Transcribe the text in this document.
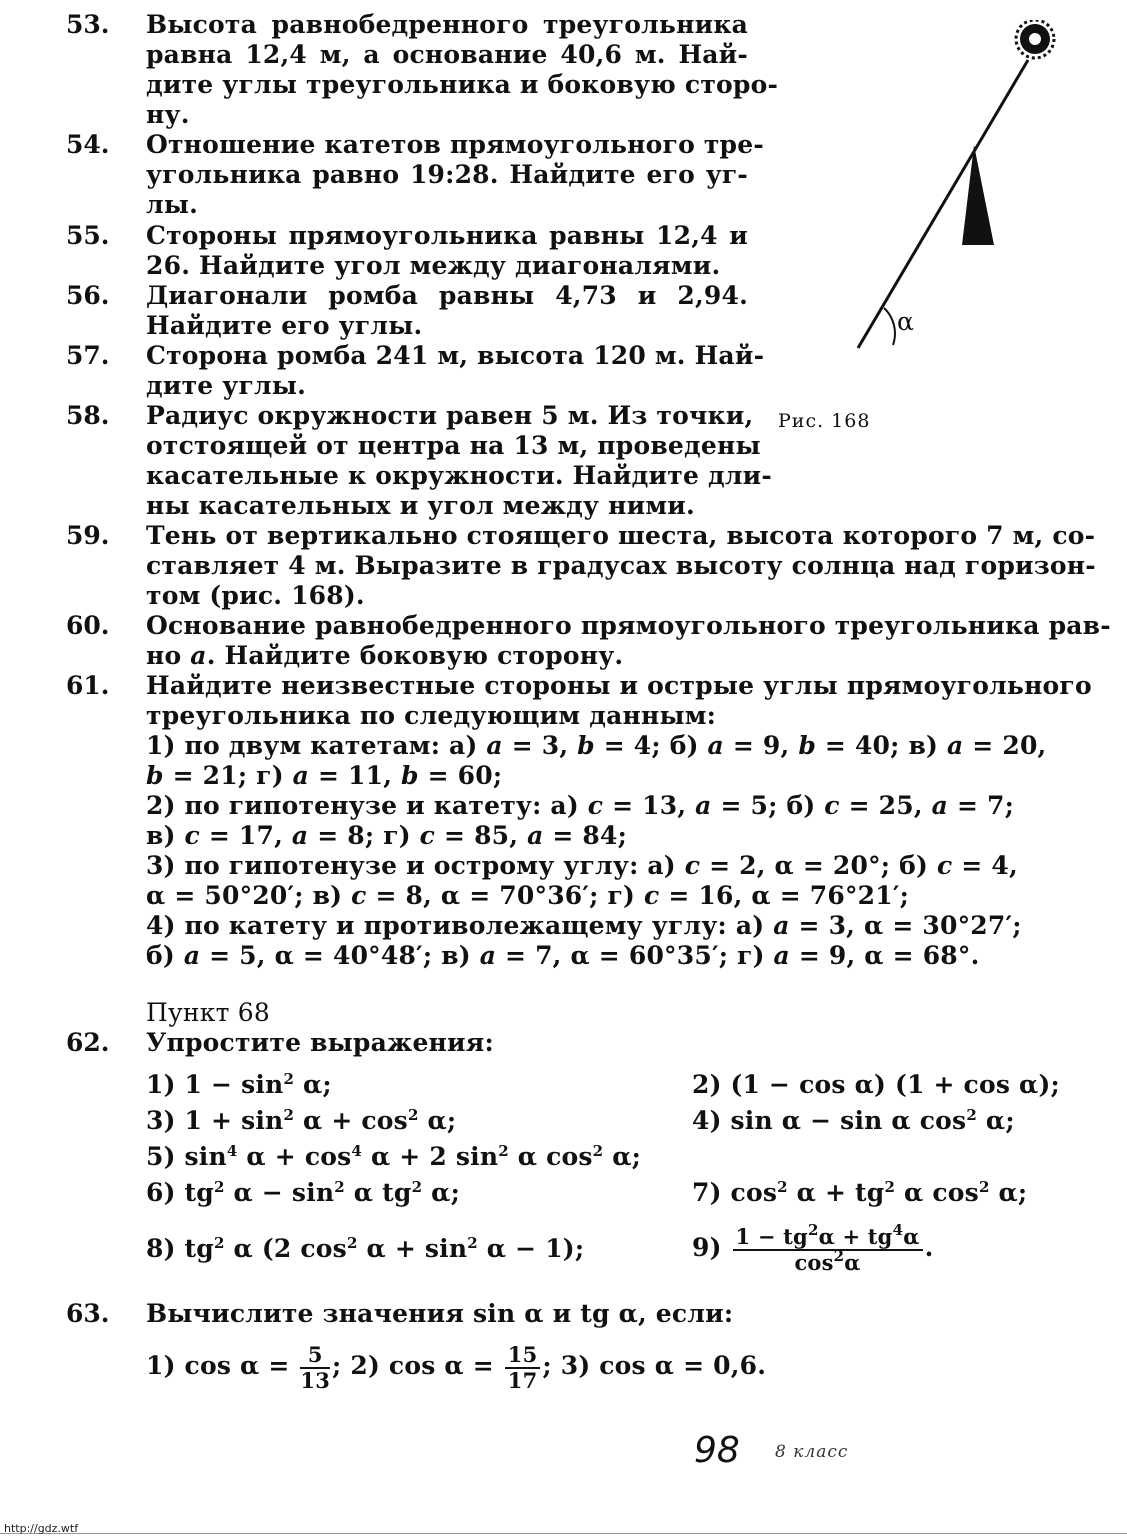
53. Высота равнобедренного треугольника
равна 12,4 м, а основание 40,6 м. Най-
дите углы треугольника и боковую сторо-
ну.
54. Отношение катетов прямоугольного тре-
угольника равно 19:28. Найдите его уг-
лы.
55. Стороны прямоугольника равны 12,4 и
26. Найдите угол между диагоналями.
56. Диагонали ромба равны 4,73 и 2,94.
Найдите его углы.
57. Сторона ромба 241 м, высота 120 м. Най-
дите углы.
58. Радиус окружности равен 5 м. Из точки,
отстоящей от центра на 13 м, проведены
касательные к окружности. Найдите дли-
ны касательных и угол между ними.
α
Рис. 168
59. Тень от вертикально стоящего шеста, высота которого 7 м, со-
ставляет 4 м. Выразите в градусах высоту солнца над горизон-
том (рис. 168).
60. Основание равнобедренного прямоугольного треугольника рав-
но a. Найдите боковую сторону.
61. Найдите неизвестные стороны и острые углы прямоугольного
треугольника по следующим данным:
1) по двум катетам: а) a = 3, b = 4; б) a = 9, b = 40; в) a = 20,
b = 21; г) a = 11, b = 60;
2) по гипотенузе и катету: а) c = 13, a = 5; б) c = 25, a = 7;
в) c = 17, a = 8; г) c = 85, a = 84;
3) по гипотенузе и острому углу: а) c = 2, α = 20°; б) c = 4,
α = 50°20′; в) c = 8, α = 70°36′; г) c = 16, α = 76°21′;
4) по катету и противолежащему углу: а) a = 3, α = 30°27′;
б) a = 5, α = 40°48′; в) a = 7, α = 60°35′; г) a = 9, α = 68°.
Пункт 68
62. Упростите выражения:
1) $1 - \sin^2 \alpha$;	2) (1 − cos α) (1 + cos α);
3) $1 + \sin^2 \alpha + \cos^2 \alpha$;	4) sin α − sin α $\cos^2 \alpha$;
5) $\sin^4 \alpha + \cos^4 \alpha + 2$ $\sin^2 \alpha$ $\cos^2 \alpha$;
6) $tg^2$ $\alpha - \sin^2 \alpha$ $tg^2$ α;	7) $\cos^2 \alpha + tg^2$ α $\cos^2 \alpha$;
8) $tg^2$ α (2 $\cos^2 \alpha + \sin^2 \alpha - 1$);	$9) \frac{1 - tg^2\alpha + tg^4\alpha}{\cos^2\alpha}$ .
63. Вычислите значения sin α и tg α, если:
1) $\cos \alpha = \frac{5}{13}$ ; 2) $\cos \alpha = \frac{15}{17}$ ; 3) cos α = 0,6.
98 8 класс
http://gdz.wtf
